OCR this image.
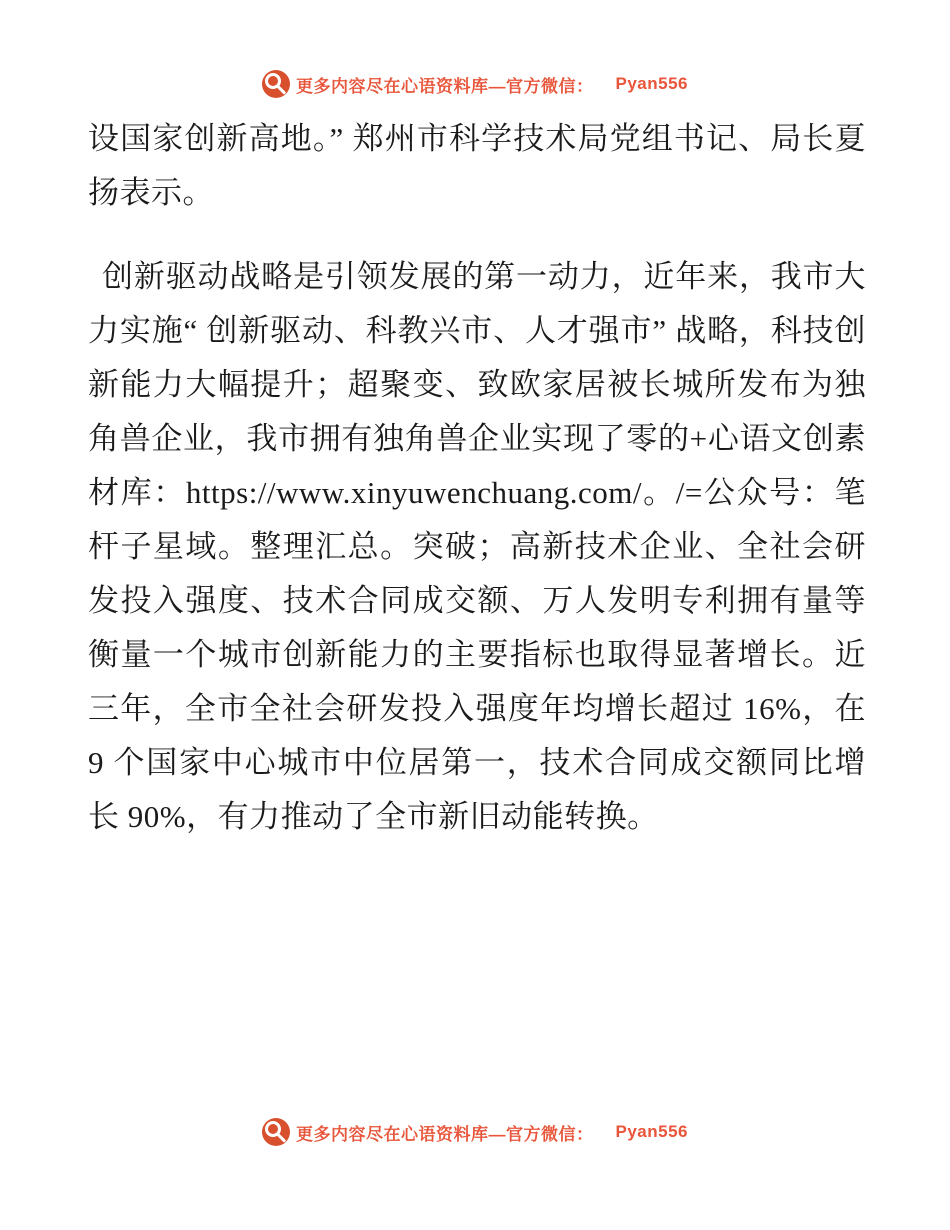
更多内容尽在心语资料库—官方微信： Pyan556

设国家创新高地。” 郑州市科学技术局党组书记、局长夏扬表示。

创新驱动战略是引领发展的第一动力，近年来，我市大力实施“ 创新驱动、科教兴市、人才强市” 战略，科技创新能力大幅提升；超聚变、致欧家居被长城所发布为独角兽企业，我市拥有独角兽企业实现了零的+心语文创素材库：https://www.xinyuwenchuang.com/。/=公众号：笔杆子星域。整理汇总。突破；高新技术企业、全社会研发投入强度、技术合同成交额、万人发明专利拥有量等衡量一个城市创新能力的主要指标也取得显著增长。近三年，全市全社会研发投入强度年均增长超过 16%，在 9 个国家中心城市中位居第一，技术合同成交额同比增长 90%，有力推动了全市新旧动能转换。

更多内容尽在心语资料库—官方微信： Pyan556
